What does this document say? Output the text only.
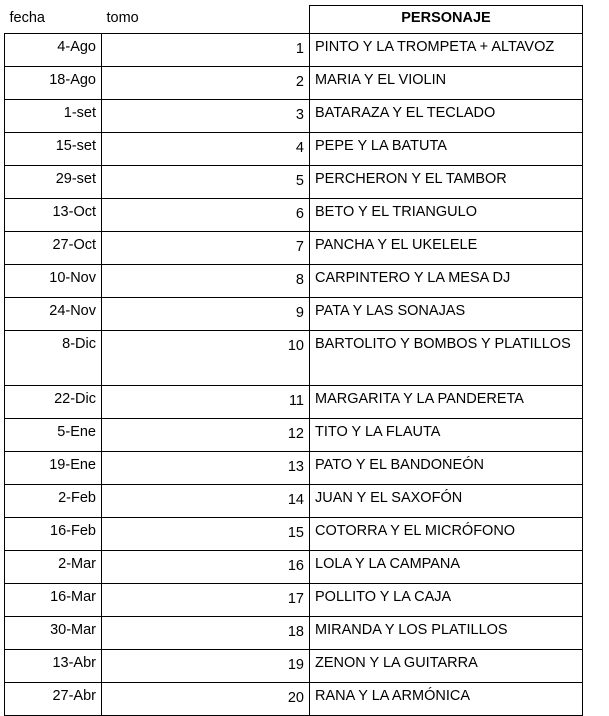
fecha	tomo	PERSONAJE
4-Ago	1	PINTO Y LA TROMPETA + ALTAVOZ
18-Ago	2	MARIA Y EL VIOLIN
1-set	3	BATARAZA Y EL TECLADO
15-set	4	PEPE Y LA BATUTA
29-set	5	PERCHERON Y EL TAMBOR
13-Oct	6	BETO Y EL TRIANGULO
27-Oct	7	PANCHA Y EL UKELELE
10-Nov	8	CARPINTERO Y LA MESA DJ
24-Nov	9	PATA Y LAS SONAJAS
8-Dic	10	BARTOLITO Y BOMBOS Y PLATILLOS
22-Dic	11	MARGARITA Y LA PANDERETA
5-Ene	12	TITO Y LA FLAUTA
19-Ene	13	PATO Y EL BANDONEÓN
2-Feb	14	JUAN Y EL SAXOFÓN
16-Feb	15	COTORRA Y EL MICRÓFONO
2-Mar	16	LOLA Y LA CAMPANA
16-Mar	17	POLLITO Y LA CAJA
30-Mar	18	MIRANDA Y LOS PLATILLOS
13-Abr	19	ZENON Y LA GUITARRA
27-Abr	20	RANA Y LA ARMÓNICA
